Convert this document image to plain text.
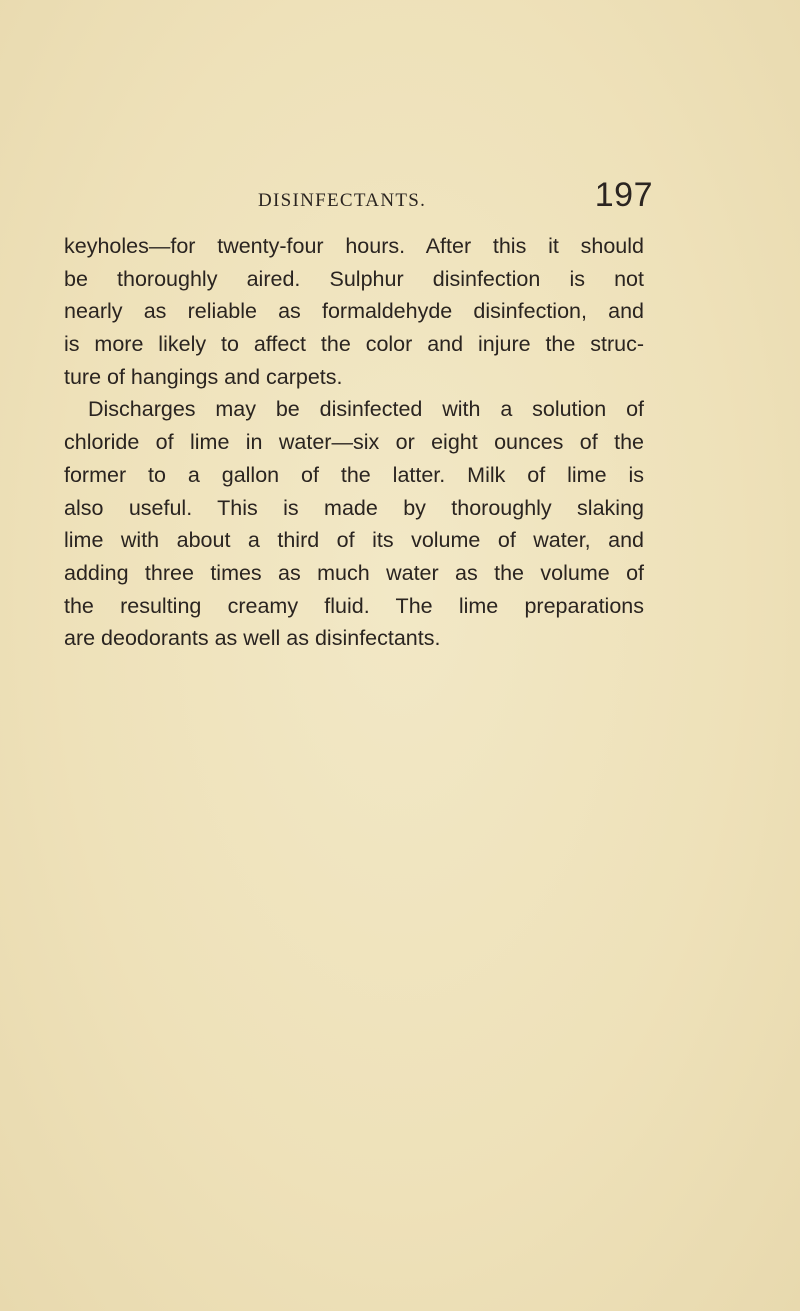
DISINFECTANTS.	197
keyholes—for twenty-four hours. After this it should
be thoroughly aired. Sulphur disinfection is not
nearly as reliable as formaldehyde disinfection, and
is more likely to affect the color and injure the struc-
ture of hangings and carpets.
Discharges may be disinfected with a solution of
chloride of lime in water—six or eight ounces of the
former to a gallon of the latter. Milk of lime is
also useful. This is made by thoroughly slaking
lime with about a third of its volume of water, and
adding three times as much water as the volume of
the resulting creamy fluid. The lime preparations
are deodorants as well as disinfectants.
